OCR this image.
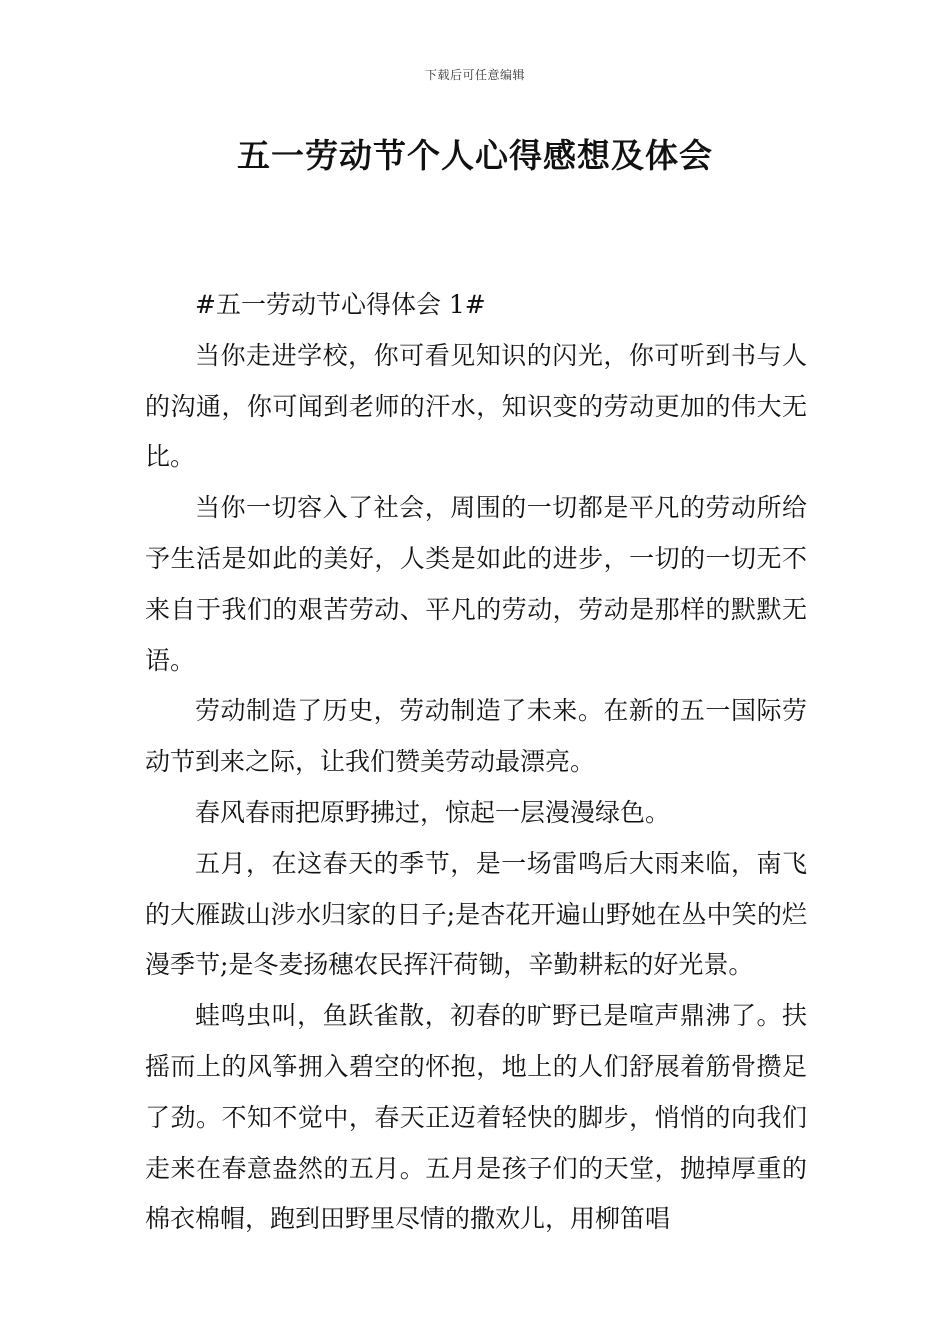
下载后可任意编辑
五一劳动节个人心得感想及体会

#五一劳动节心得体会 1#

当你走进学校，你可看见知识的闪光，你可听到书与人的沟通，你可闻到老师的汗水，知识变的劳动更加的伟大无比。

当你一切容入了社会，周围的一切都是平凡的劳动所给予生活是如此的美好，人类是如此的进步，一切的一切无不来自于我们的艰苦劳动、平凡的劳动，劳动是那样的默默无语。

劳动制造了历史，劳动制造了未来。在新的五一国际劳动节到来之际，让我们赞美劳动最漂亮。

春风春雨把原野拂过，惊起一层漫漫绿色。

五月，在这春天的季节，是一场雷鸣后大雨来临，南飞的大雁跋山涉水归家的日子;是杏花开遍山野她在丛中笑的烂漫季节;是冬麦扬穗农民挥汗荷锄，辛勤耕耘的好光景。

蛙鸣虫叫，鱼跃雀散，初春的旷野已是喧声鼎沸了。扶摇而上的风筝拥入碧空的怀抱，地上的人们舒展着筋骨攒足了劲。不知不觉中，春天正迈着轻快的脚步，悄悄的向我们走来在春意盎然的五月。五月是孩子们的天堂，抛掉厚重的棉衣棉帽，跑到田野里尽情的撒欢儿，用柳笛唱
